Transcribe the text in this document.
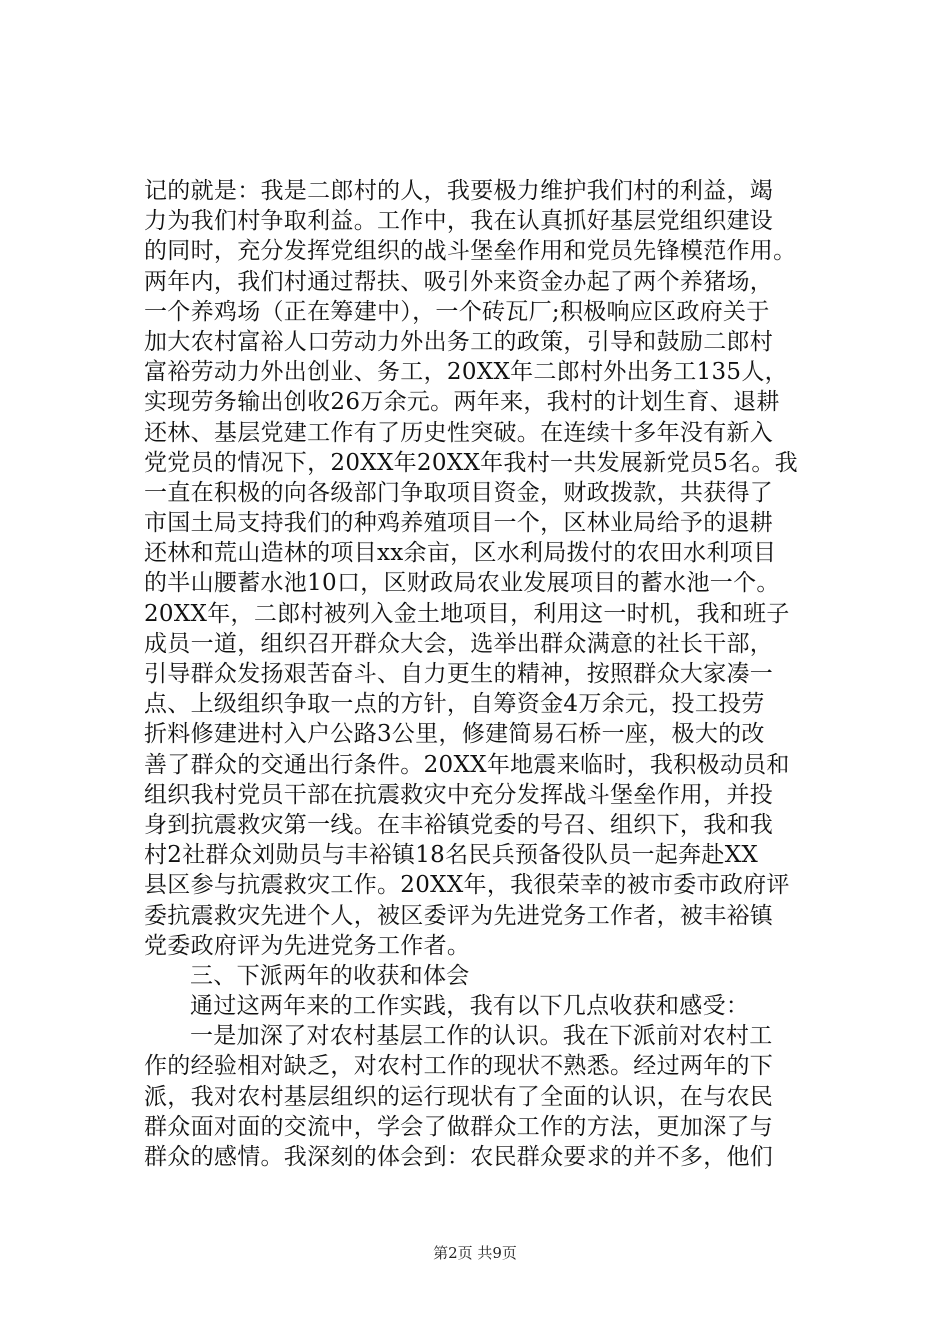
记的就是：我是二郎村的人，我要极力维护我们村的利益，竭
力为我们村争取利益。工作中，我在认真抓好基层党组织建设
的同时，充分发挥党组织的战斗堡垒作用和党员先锋模范作用。
两年内，我们村通过帮扶、吸引外来资金办起了两个养猪场，
一个养鸡场（正在筹建中），一个砖瓦厂;积极响应区政府关于
加大农村富裕人口劳动力外出务工的政策，引导和鼓励二郎村
富裕劳动力外出创业、务工，20XX年二郎村外出务工135人，
实现劳务输出创收26万余元。两年来，我村的计划生育、退耕
还林、基层党建工作有了历史性突破。在连续十多年没有新入
党党员的情况下，20XX年20XX年我村一共发展新党员5名。我
一直在积极的向各级部门争取项目资金，财政拨款，共获得了
市国土局支持我们的种鸡养殖项目一个，区林业局给予的退耕
还林和荒山造林的项目xx余亩，区水利局拨付的农田水利项目
的半山腰蓄水池10口，区财政局农业发展项目的蓄水池一个。
20XX年，二郎村被列入金土地项目，利用这一时机，我和班子
成员一道，组织召开群众大会，选举出群众满意的社长干部，
引导群众发扬艰苦奋斗、自力更生的精神，按照群众大家凑一
点、上级组织争取一点的方针，自筹资金4万余元，投工投劳
折料修建进村入户公路3公里，修建简易石桥一座，极大的改
善了群众的交通出行条件。20XX年地震来临时，我积极动员和
组织我村党员干部在抗震救灾中充分发挥战斗堡垒作用，并投
身到抗震救灾第一线。在丰裕镇党委的号召、组织下，我和我
村2社群众刘勋员与丰裕镇18名民兵预备役队员一起奔赴XX
县区参与抗震救灾工作。20XX年，我很荣幸的被市委市政府评
委抗震救灾先进个人，被区委评为先进党务工作者，被丰裕镇
党委政府评为先进党务工作者。
三、下派两年的收获和体会
通过这两年来的工作实践，我有以下几点收获和感受：
一是加深了对农村基层工作的认识。我在下派前对农村工
作的经验相对缺乏，对农村工作的现状不熟悉。经过两年的下
派，我对农村基层组织的运行现状有了全面的认识，在与农民
群众面对面的交流中，学会了做群众工作的方法，更加深了与
群众的感情。我深刻的体会到：农民群众要求的并不多，他们
第2页 共9页
